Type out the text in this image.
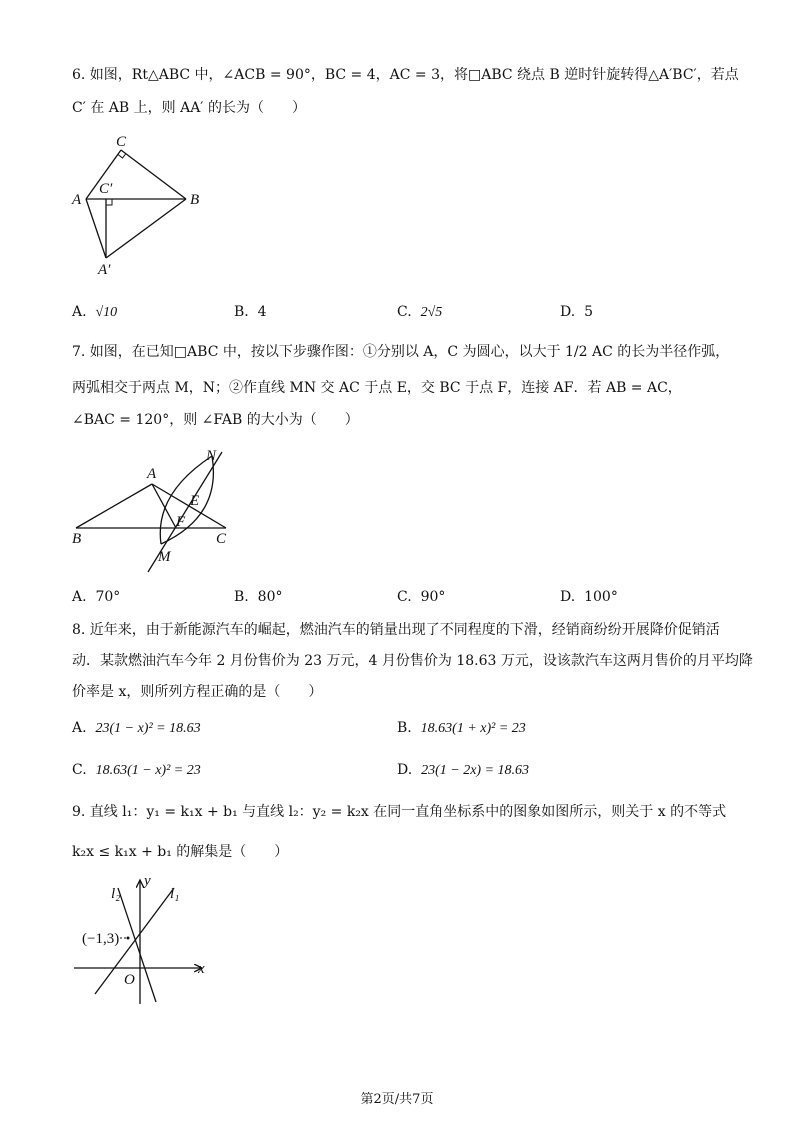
6. 如图，Rt△ABC 中，∠ACB = 90°，BC = 4，AC = 3，将□ABC 绕点 B 逆时针旋转得△A′BC′，若点
C′ 在 AB 上，则 AA′ 的长为（　　）
C
A
C′
B
A′
A. √10	B. 4	C. 2√5	D. 5
7. 如图，在已知□ABC 中，按以下步骤作图：①分别以 A，C 为圆心，以大于 1/2 AC 的长为半径作弧，
两弧相交于两点 M，N；②作直线 MN 交 AC 于点 E，交 BC 于点 F，连接 AF．若 AB = AC，
∠BAC = 120°，则 ∠FAB 的大小为（　　）
A
N
E
F
B	C
M
A. 70°	B. 80°	C. 90°	D. 100°
8. 近年来，由于新能源汽车的崛起，燃油汽车的销量出现了不同程度的下滑，经销商纷纷开展降价促销活
动．某款燃油汽车今年 2 月份售价为 23 万元，4 月份售价为 18.63 万元，设该款汽车这两月售价的月平均降
价率是 x，则所列方程正确的是（　　）
A. 23(1 − x)² = 18.63	B. 18.63(1 + x)² = 23
C. 18.63(1 − x)² = 23	D. 23(1 − 2x) = 18.63
9. 直线 l₁：y₁ = k₁x + b₁ 与直线 l₂：y₂ = k₂x 在同一直角坐标系中的图象如图所示，则关于 x 的不等式
k₂x ≤ k₁x + b₁ 的解集是（　　）
y
x
O
l₁
l₂
(−1,3)
第2页/共7页
